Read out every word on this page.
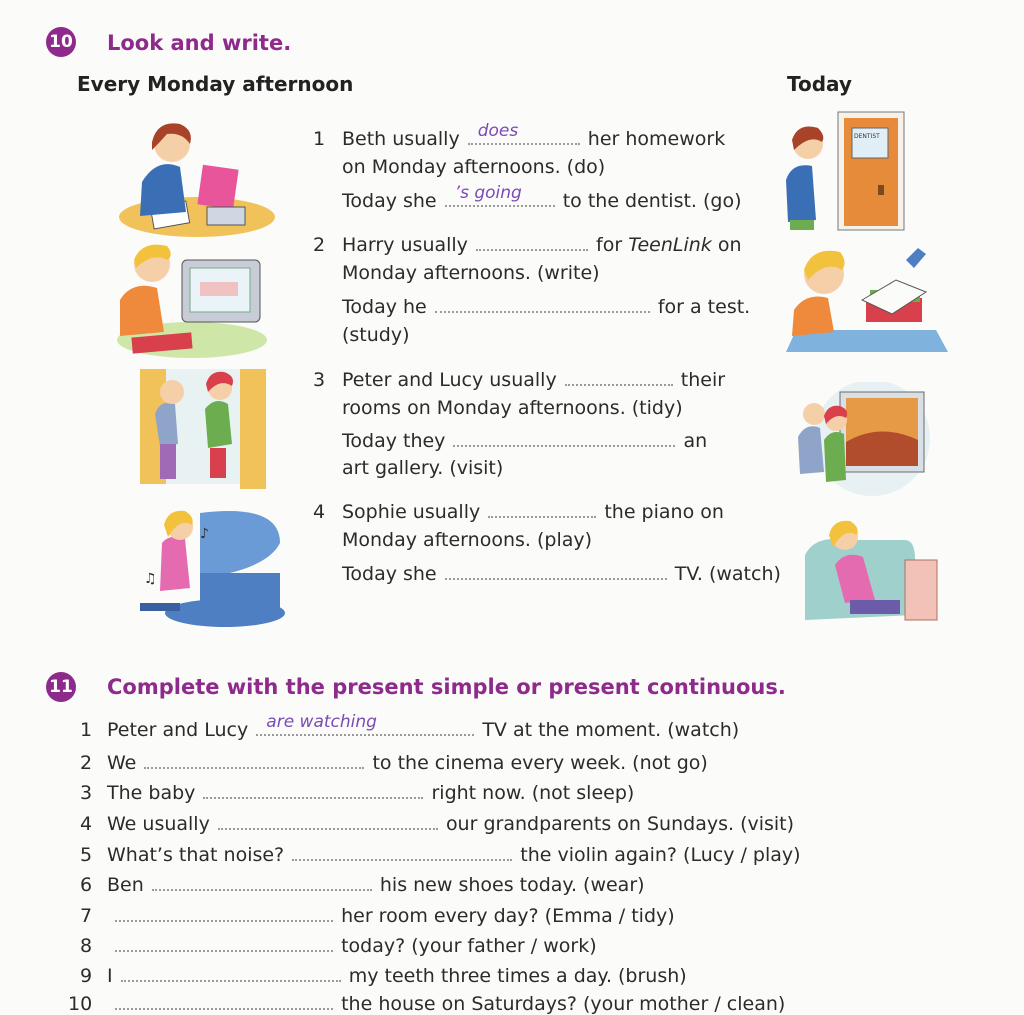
10 Look and write.
Every Monday afternoon	Today
1 Beth usually does	her homework
on Monday afternoons. (do)
Today she ’s going to the dentist. (go)
2 Harry usually	for TeenLink on
Monday afternoons. (write)
Today he	for a test.
(study)
3 Peter and Lucy usually	their
rooms on Monday afternoons. (tidy)
Today they	an
art gallery. (visit)
4 Sophie usually	the piano on
Monday afternoons. (play)
Today she	TV. (watch)
♪
♫
DENTIST
11 Complete with the present simple or present continuous.
1 Peter and Lucy are watching	TV at the moment. (watch)
2 We	to the cinema every week. (not go)
3 The baby	right now. (not sleep)
4 We usually	our grandparents on Sundays. (visit)
5 What’s that noise?	the violin again? (Lucy / play)
6 Ben	his new shoes today. (wear)
7	her room every day? (Emma / tidy)
8	today? (your father / work)
9 I	my teeth three times a day. (brush)
10	the house on Saturdays? (your mother / clean)
